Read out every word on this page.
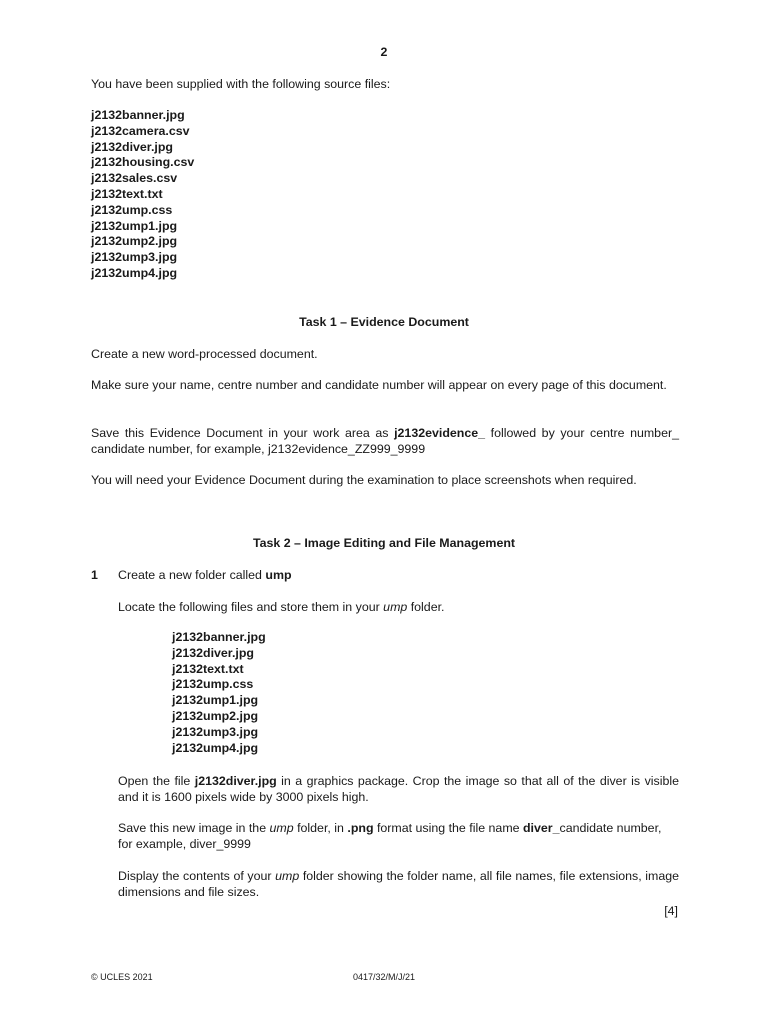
2

You have been supplied with the following source files:

j2132banner.jpg
j2132camera.csv
j2132diver.jpg
j2132housing.csv
j2132sales.csv
j2132text.txt
j2132ump.css
j2132ump1.jpg
j2132ump2.jpg
j2132ump3.jpg
j2132ump4.jpg
Task 1 – Evidence Document

Create a new word-processed document.

Make sure your name, centre number and candidate number will appear on every page of this document.

Save this Evidence Document in your work area as j2132evidence_ followed by your centre number_ candidate number, for example, j2132evidence_ZZ999_9999

You will need your Evidence Document during the examination to place screenshots when required.

Task 2 – Image Editing and File Management
1 Create a new folder called ump

Locate the following files and store them in your ump folder.

j2132banner.jpg
j2132diver.jpg
j2132text.txt
j2132ump.css
j2132ump1.jpg
j2132ump2.jpg
j2132ump3.jpg
j2132ump4.jpg

Open the file j2132diver.jpg in a graphics package. Crop the image so that all of the diver is visible and it is 1600 pixels wide by 3000 pixels high.

Save this new image in the ump folder, in .png format using the file name diver_candidate number, for example, diver_9999

Display the contents of your ump folder showing the folder name, all file names, file extensions, image dimensions and file sizes.

[4]
© UCLES 2021	0417/32/M/J/21
